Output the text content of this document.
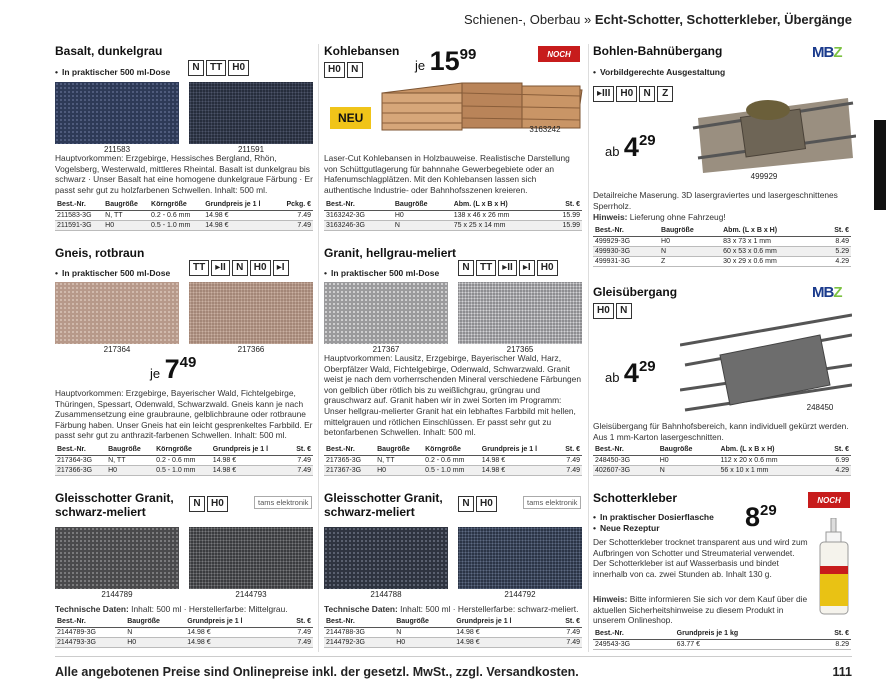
Schienen-, Oberbau » Echt-Schotter, Schotterkleber, Übergänge
Basalt, dunkelgrau
• In praktischer 500 ml-Dose	N	TT	H0
211583	211591
Hauptvorkommen: Erzgebirge, Hessisches Bergland, Rhön, Vogelsberg, Westerwald, mittleres Rheintal. Basalt ist dunkelgrau bis schwarz · Unser Basalt hat eine homogene dunkelgraue Färbung · Er passt sehr gut zu holzfarbenen Schwellen. Inhalt: 500 ml.
Best.-Nr.	Baugröße	Körngröße	Grundpreis je 1 l	Pckg. €
211583-3G	N, TT	0.2 - 0.6 mm	14.98 €	7.49
211591-3G	H0	0.5 - 1.0 mm	14.98 €	7.49
Kohlebansen
H0	N	je 1599	NOCH
NEU
3163242
Laser-Cut Kohlebansen in Holzbauweise. Realistische Darstellung von Schüttgutlagerung für bahnnahe Gewerbegebiete oder an Hafenumschlagplätzen. Mit den Kohlebansen lassen sich authentische Industrie- oder Bahnhofsszenen kreieren.
Best.-Nr.	Baugröße	Abm. (L x B x H)	St. €
3163242-3G	H0	138 x 46 x 26 mm	15.99
3163246-3G	N	75 x 25 x 14 mm	15.99
Bohlen-Bahnübergang
• Vorbildgerechte Ausgestaltung
MBZ
▸III	H0	N	Z
ab 429
499929
Detailreiche Maserung. 3D lasergraviertes und lasergeschnittenes Sperrholz.
Hinweis: Lieferung ohne Fahrzeug!
Best.-Nr.	Baugröße	Abm. (L x B x H)	St. €
499929-3G	H0	83 x 73 x 1 mm	8.49
499930-3G	N	60 x 53 x 0.6 mm	5.29
499931-3G	Z	30 x 29 x 0.6 mm	4.29
Gneis, rotbraun
• In praktischer 500 ml-Dose	TT	▸II	N	H0	▸I
217364	217366
je 749
Hauptvorkommen: Erzgebirge, Bayerischer Wald, Fichtelgebirge, Thüringen, Spessart, Odenwald, Schwarzwald. Gneis kann je nach Zusammensetzung eine graubraune, gelblichbraune oder rotbraune Färbung haben. Unser Gneis hat ein leicht gesprenkeltes Farbbild. Er passt sehr gut zu anthrazit-farbenen Schwellen. Inhalt: 500 ml.
Best.-Nr.	Baugröße	Körngröße	Grundpreis je 1 l	St. €
217364-3G	N, TT	0.2 - 0.6 mm	14.98 €	7.49
217366-3G	H0	0.5 - 1.0 mm	14.98 €	7.49
Granit, hellgrau-meliert
• In praktischer 500 ml-Dose	N	TT	▸II	▸I	H0
217367	217365
Hauptvorkommen: Lausitz, Erzgebirge, Bayerischer Wald, Harz, Oberpfälzer Wald, Fichtelgebirge, Odenwald, Schwarzwald. Granit weist je nach dem vorherrschenden Mineral verschiedene Färbungen von gelblich über rötlich bis zu weißlichgrau, grüngrau und grauschwarz auf. Granit haben wir in zwei Sorten im Programm: Unser hellgrau-melierter Granit hat ein lebhaftes Farbbild mit hellen, mittelgrauen und rötlichen Einschlüssen. Er passt sehr gut zu betonfarbenen Schwellen. Inhalt: 500 ml.
Best.-Nr.	Baugröße	Körngröße	Grundpreis je 1 l	St. €
217365-3G	N, TT	0.2 - 0.6 mm	14.98 €	7.49
217367-3G	H0	0.5 - 1.0 mm	14.98 €	7.49
Gleisübergang	MBZ
H0	N
ab 429
248450
Gleisübergang für Bahnhofsbereich, kann individuell gekürzt werden. Aus 1 mm-Karton lasergeschnitten.
Best.-Nr.	Baugröße	Abm. (L x B x H)	St. €
248450-3G	H0	112 x 20 x 0.6 mm	6.99
402607-3G	N	56 x 10 x 1 mm	4.29
Gleisschotter Granit, schwarz-meliert
N	H0	tams elektronik
2144789	2144793
Technische Daten: Inhalt: 500 ml · Herstellerfarbe: Mittelgrau.
Best.-Nr.	Baugröße	Grundpreis je 1 l	St. €
2144789-3G	N	14.98 €	7.49
2144793-3G	H0	14.98 €	7.49
Gleisschotter Granit, schwarz-meliert
N	H0	tams elektronik
2144788	2144792
Technische Daten: Inhalt: 500 ml · Herstellerfarbe: schwarz-meliert.
Best.-Nr.	Baugröße	Grundpreis je 1 l	St. €
2144788-3G	N	14.98 €	7.49
2144792-3G	H0	14.98 €	7.49
Schotterkleber	NOCH
• In praktischer Dosierflasche
• Neue Rezeptur	829
Der Schotterkleber trocknet transparent aus und wird zum Aufbringen von Schotter und Streumaterial verwendet. Der Schotterkleber ist auf Wasserbasis und bindet innerhalb von ca. zwei Stunden ab. Inhalt 130 g.
Hinweis: Bitte informieren Sie sich vor dem Kauf über die aktuellen Sicherheitshinweise zu diesem Produkt in unserem Onlineshop.
Best.-Nr.	Grundpreis je 1 kg	St. €
249543-3G	63.77 €	8.29
Alle angebotenen Preise sind Onlinepreise inkl. der gesetzl. MwSt., zzgl. Versandkosten.	111
